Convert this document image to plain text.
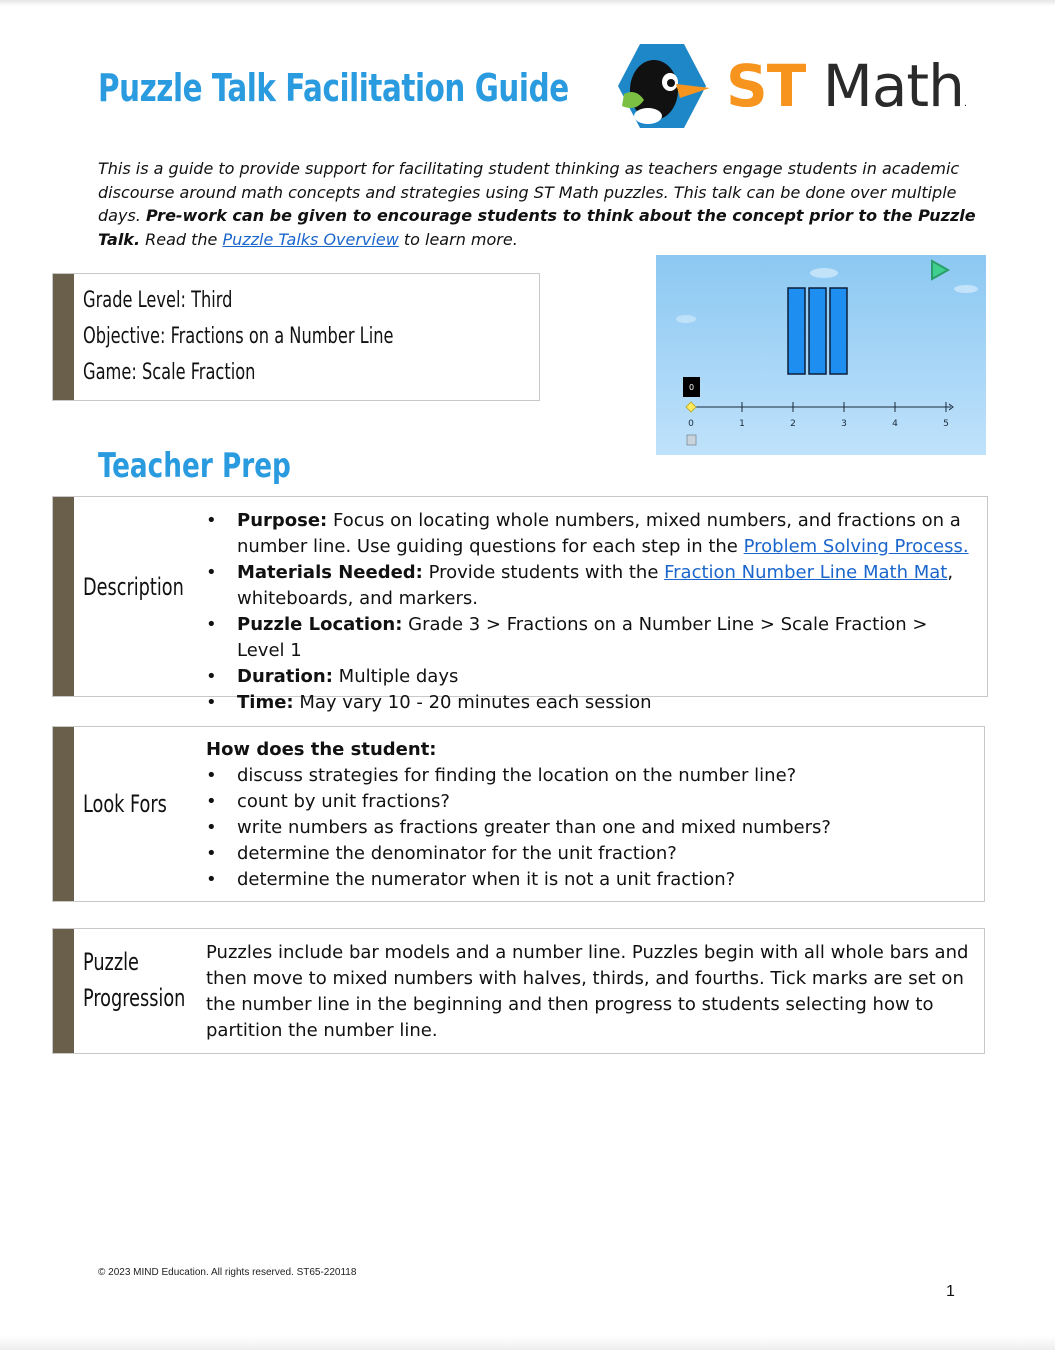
Puzzle Talk Facilitation Guide	ST Math.

This is a guide to provide support for facilitating student thinking as teachers engage students in academic discourse around math concepts and strategies using ST Math puzzles. This talk can be done over multiple days. Pre-work can be given to encourage students to think about the concept prior to the Puzzle Talk. Read the Puzzle Talks Overview to learn more.

Grade Level: Third
Objective: Fractions on a Number Line
Game: Scale Fraction
0
0	1	2	3	4	5
Teacher Prep
Description
• Purpose: Focus on locating whole numbers, mixed numbers, and fractions on a number line. Use guiding questions for each step in the Problem Solving Process.
• Materials Needed: Provide students with the Fraction Number Line Math Mat, whiteboards, and markers.
• Puzzle Location: Grade 3 > Fractions on a Number Line > Scale Fraction > Level 1
• Duration: Multiple days
• Time: May vary 10 - 20 minutes each session
Look Fors
How does the student:
• discuss strategies for finding the location on the number line?
• count by unit fractions?
• write numbers as fractions greater than one and mixed numbers?
• determine the denominator for the unit fraction?
• determine the numerator when it is not a unit fraction?
Puzzle
Progression
Puzzles include bar models and a number line. Puzzles begin with all whole bars and then move to mixed numbers with halves, thirds, and fourths. Tick marks are set on the number line in the beginning and then progress to students selecting how to partition the number line.
© 2023 MIND Education. All rights reserved. ST65-220118
1
